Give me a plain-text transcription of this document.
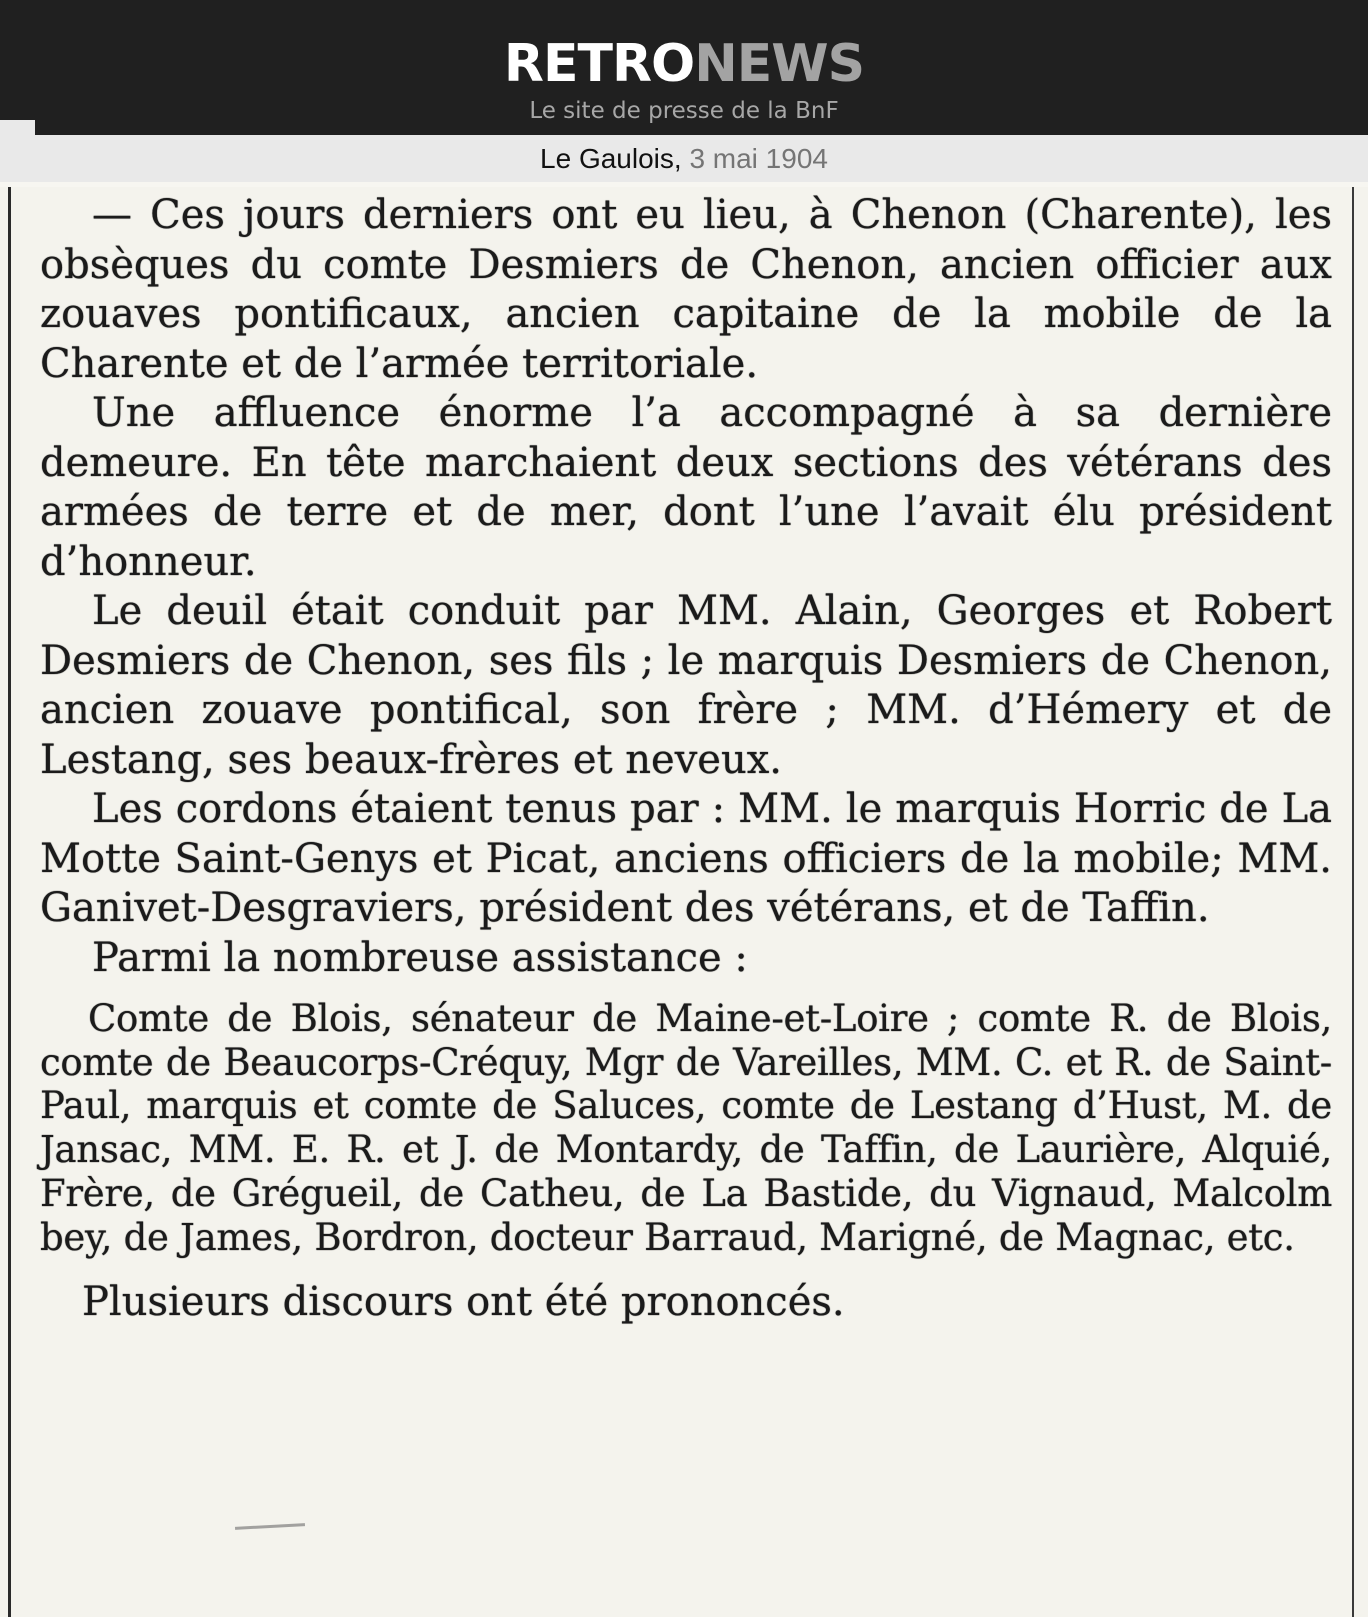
RETRONEWS
Le site de presse de la BnF
Le Gaulois, 3 mai 1904

— Ces jours derniers ont eu lieu, à Chenon (Charente), les obsèques du comte Desmiers de Chenon, ancien officier aux zouaves pontificaux, ancien capitaine de la mobile de la Charente et de l’armée territoriale.

Une affluence énorme l’a accompagné à sa dernière demeure. En tête marchaient deux sections des vétérans des armées de terre et de mer, dont l’une l’avait élu président d’honneur.

Le deuil était conduit par MM. Alain, Georges et Robert Desmiers de Chenon, ses fils ; le marquis Desmiers de Chenon, ancien zouave pontifical, son frère ; MM. d’Hémery et de Lestang, ses beaux-frères et neveux.

Les cordons étaient tenus par : MM. le marquis Horric de La Motte Saint-Genys et Picat, anciens officiers de la mobile; MM. Ganivet-Desgraviers, président des vétérans, et de Taffin.

Parmi la nombreuse assistance :

Comte de Blois, sénateur de Maine-et-Loire ; comte R. de Blois, comte de Beaucorps-Créquy, Mgr de Vareilles, MM. C. et R. de Saint-Paul, marquis et comte de Saluces, comte de Lestang d’Hust, M. de Jansac, MM. E. R. et J. de Montardy, de Taffin, de Laurière, Alquié, Frère, de Grégueil, de Catheu, de La Bastide, du Vignaud, Malcolm bey, de James, Bordron, docteur Barraud, Marigné, de Magnac, etc.

Plusieurs discours ont été prononcés.
